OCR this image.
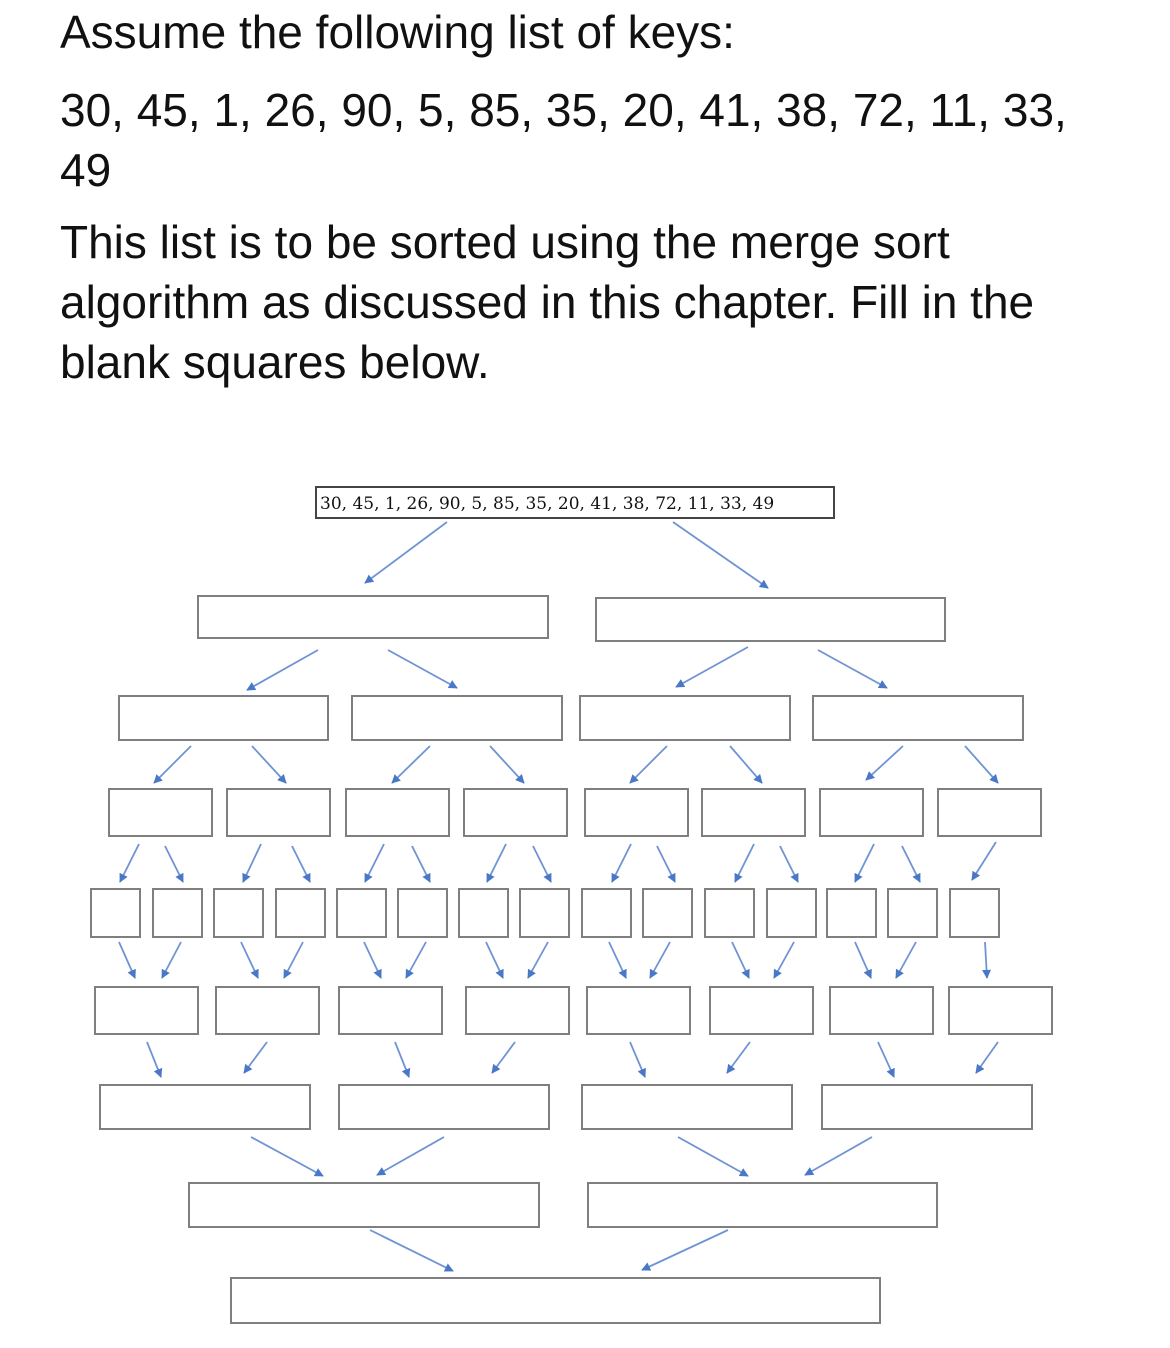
Assume the following list of keys:

30, 45, 1, 26, 90, 5, 85, 35, 20, 41, 38, 72, 11, 33, 49

This list is to be sorted using the merge sort algorithm as discussed in this chapter. Fill in the blank squares below.

30, 45, 1, 26, 90, 5, 85, 35, 20, 41, 38, 72, 11, 33, 49
